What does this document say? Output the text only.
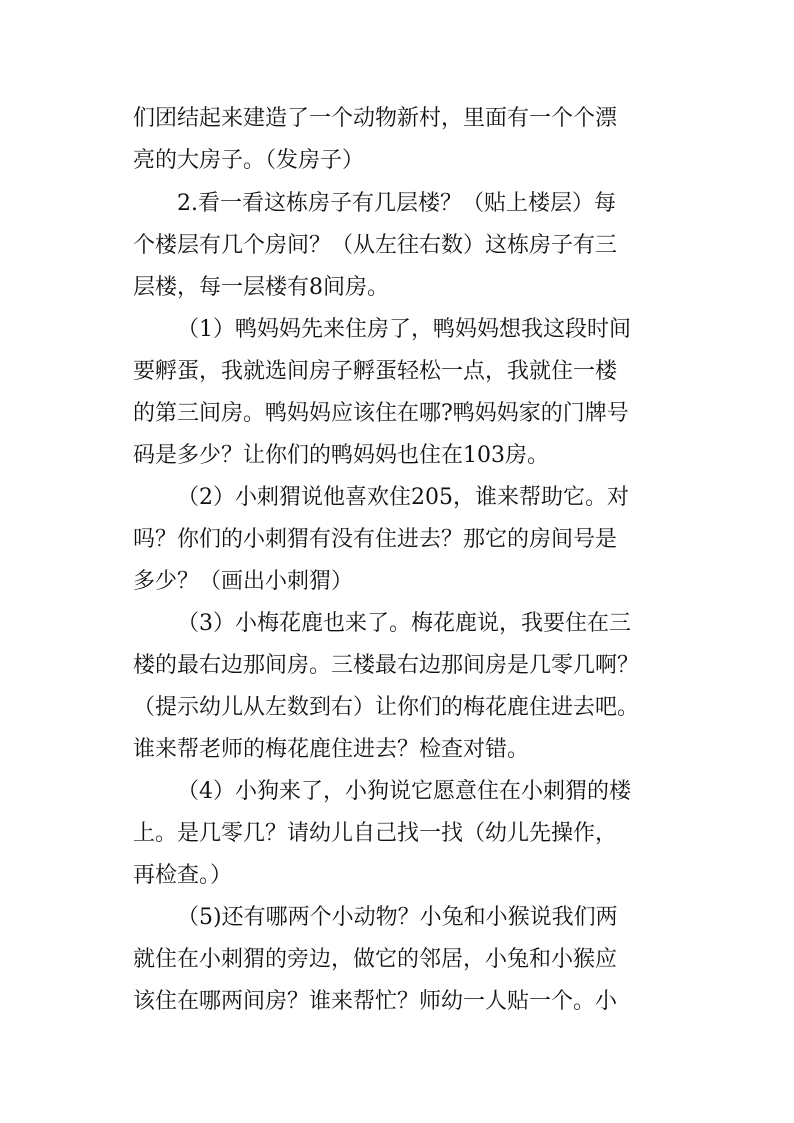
们团结起来建造了一个动物新村，里面有一个个漂
亮的大房子。（发房子）
2.看一看这栋房子有几层楼？（贴上楼层）每
个楼层有几个房间？（从左往右数）这栋房子有三
层楼，每一层楼有8间房。
（1）鸭妈妈先来住房了，鸭妈妈想我这段时间
要孵蛋，我就选间房子孵蛋轻松一点，我就住一楼
的第三间房。鸭妈妈应该住在哪?鸭妈妈家的门牌号
码是多少？让你们的鸭妈妈也住在103房。
（2）小刺猬说他喜欢住205，谁来帮助它。对
吗？你们的小刺猬有没有住进去？那它的房间号是
多少？（画出小刺猬）
（3）小梅花鹿也来了。梅花鹿说，我要住在三
楼的最右边那间房。三楼最右边那间房是几零几啊？
（提示幼儿从左数到右）让你们的梅花鹿住进去吧。
谁来帮老师的梅花鹿住进去？检查对错。
（4）小狗来了，小狗说它愿意住在小刺猬的楼
上。是几零几？请幼儿自己找一找（幼儿先操作，
再检查。）
（5)还有哪两个小动物？小兔和小猴说我们两
就住在小刺猬的旁边，做它的邻居，小兔和小猴应
该住在哪两间房？谁来帮忙？师幼一人贴一个。小
